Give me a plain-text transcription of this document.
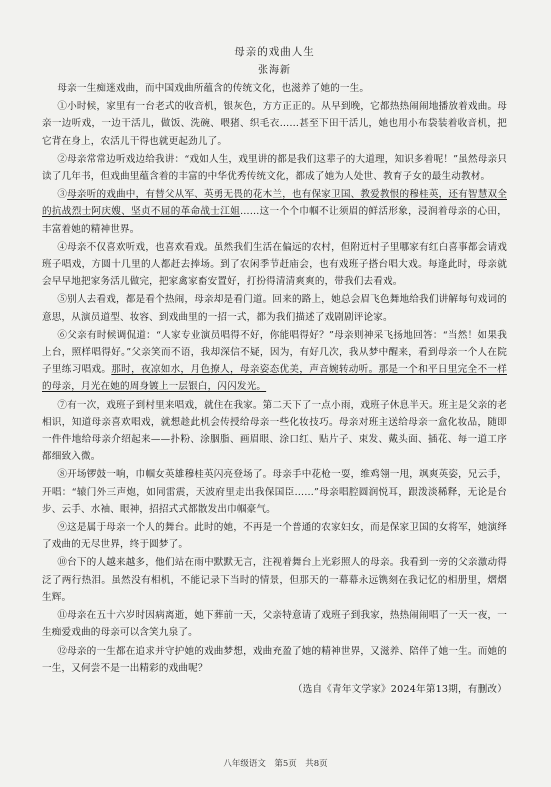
母亲的戏曲人生
张海新

母亲一生痴迷戏曲，而中国戏曲所蕴含的传统文化，也滋养了她的一生。

①小时候，家里有一台老式的收音机，银灰色，方方正正的。从早到晚，它都热热闹闹地播放着戏曲。母亲一边听戏，一边干活儿，做饭、洗碗、喂猪、织毛衣……甚至下田干活儿，她也用小布袋装着收音机，把它背在身上，农活儿干得也就更起劲儿了。

②母亲常常边听戏边给我讲：“戏如人生，戏里讲的都是我们这辈子的大道理，知识多着呢！”虽然母亲只读了几年书，但戏曲里蕴含着的丰富的中华优秀传统文化，都成了她为人处世、教育子女的最生动教材。

③母亲听的戏曲中，有替父从军、英勇无畏的花木兰，也有保家卫国、教爱教恨的穆桂英，还有智慧双全的抗战烈士阿庆嫂、坚贞不屈的革命战士江姐……这一个个巾帼不让须眉的鲜活形象，浸润着母亲的心田，丰富着她的精神世界。

④母亲不仅喜欢听戏，也喜欢看戏。虽然我们生活在偏远的农村，但附近村子里哪家有红白喜事都会请戏班子唱戏，方圆十几里的人都赶去捧场。到了农闲季节赶庙会，也有戏班子搭台唱大戏。每逢此时，母亲就会早早地把家务活儿做完，把家禽家畜安置好，打扮得清清爽爽的，带我们去看戏。

⑤别人去看戏，都是看个热闹，母亲却是看门道。回来的路上，她总会眉飞色舞地给我们讲解每句戏词的意思，从演员道型、妆容、到戏曲里的一招一式，都为我们描述了戏剧剧评论家。

⑥父亲有时候调侃道：“人家专业演员唱得不好，你能唱得好？”母亲则神采飞扬地回答：“当然！如果我上台，照样唱得好。”父亲笑而不语，我却深信不疑，因为，有好几次，我从梦中醒来，看到母亲一个人在院子里练习唱戏。那时，夜凉如水，月色撩人，母亲姿态优美，声音婉转动听。那是一个和平日里完全不一样的母亲，月光在她的周身镀上一层银白，闪闪发光。

⑦有一次，戏班子到村里来唱戏，就住在我家。第二天下了一点小雨，戏班子休息半天。班主是父亲的老相识，知道母亲喜欢唱戏，就想趁此机会传授给母亲一些化妆技巧。母亲对班主送给母亲一盒化妆品，随即一件件地给母亲介绍起来——扑粉、涂胭脂、画眉眼、涂口红、贴片子、束发、戴头面、插花、每一道工序都细致入微。

⑧开场锣鼓一响，巾帼女英雄穆桂英闪亮登场了。母亲手中花枪一耍，维鸡翎一甩，飒爽英姿，兄云手，开唱：“辕门外三声炮，如同雷震，天波府里走出我保国臣……”母亲唱腔圆润悦耳，跟泼淡稀释，无论是台步、云手、水袖、眼神，招招式式都散发出巾帼豪气。

⑨这是属于母亲一个人的舞台。此时的她，不再是一个普通的农家妇女，而是保家卫国的女将军，她演绎了戏曲的无尽世界，终于圆梦了。

⑩台下的人越来越多，他们站在雨中默默无言，注视着舞台上光彩照人的母亲。我看到一旁的父亲激动得泛了两行热泪。虽然没有相机，不能记录下当时的情景，但那天的一幕幕永远镌刻在我记忆的相册里，熠熠生辉。

⑪母亲在五十六岁时因病离逝，她下葬前一天，父亲特意请了戏班子到我家，热热闹闹唱了一天一夜，一生痴爱戏曲的母亲可以含笑九泉了。

⑫母亲的一生都在追求并守护她的戏曲梦想，戏曲充盈了她的精神世界，又滋养、陪伴了她一生。而她的一生，又何尝不是一出精彩的戏曲呢？

（选自《青年文学家》2024年第13期，有删改）
八年级语文　第5页　共8页
